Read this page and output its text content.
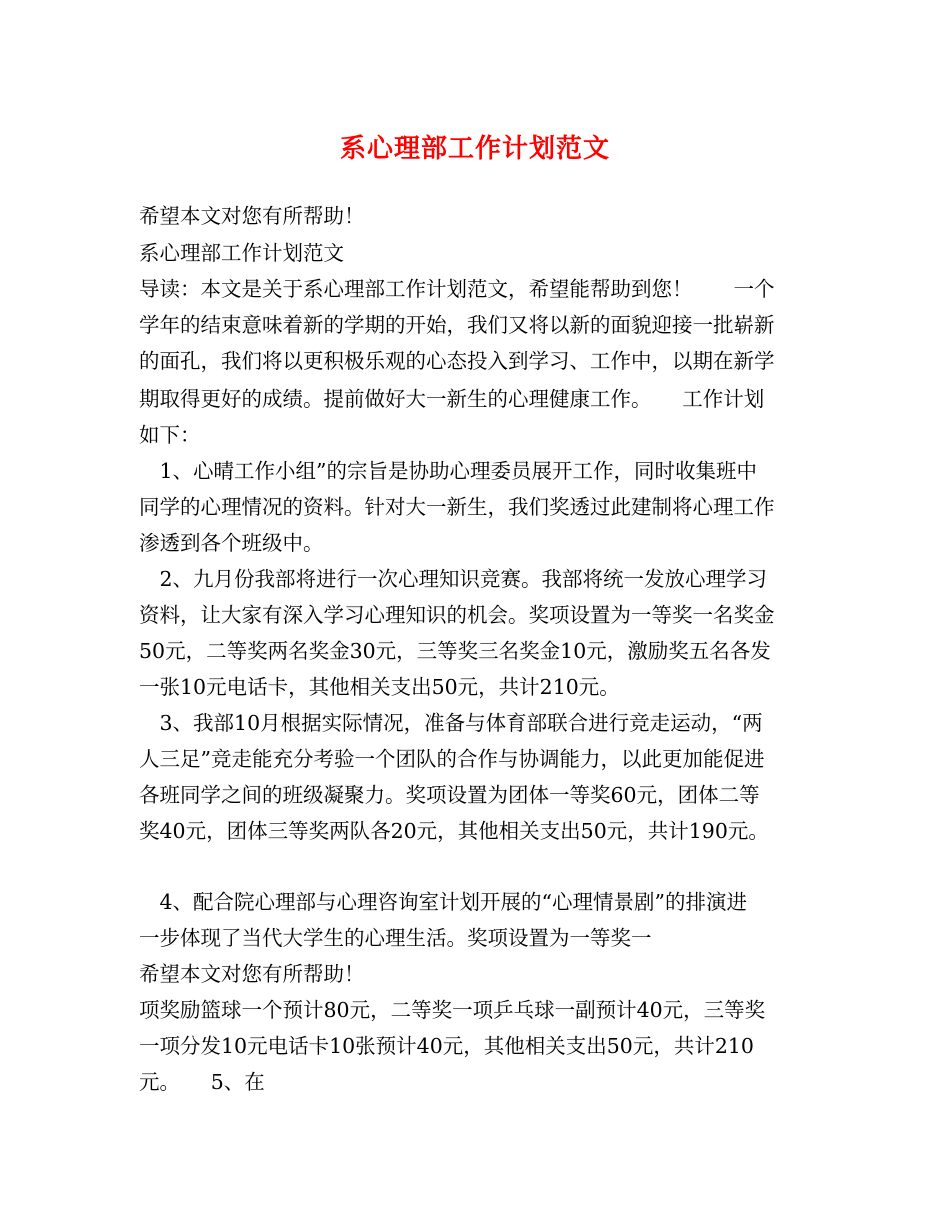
系心理部工作计划范文
希望本文对您有所帮助！
系心理部工作计划范文
导读：本文是关于系心理部工作计划范文，希望能帮助到您！　　一个
学年的结束意味着新的学期的开始，我们又将以新的面貌迎接一批崭新
的面孔，我们将以更积极乐观的心态投入到学习、工作中，以期在新学
期取得更好的成绩。提前做好大一新生的心理健康工作。　　工作计划
如下：
　1、心晴工作小组”的宗旨是协助心理委员展开工作，同时收集班中
同学的心理情况的资料。针对大一新生，我们奖透过此建制将心理工作
渗透到各个班级中。
　2、九月份我部将进行一次心理知识竞赛。我部将统一发放心理学习
资料，让大家有深入学习心理知识的机会。奖项设置为一等奖一名奖金
50元，二等奖两名奖金30元，三等奖三名奖金10元，激励奖五名各发
一张10元电话卡，其他相关支出50元，共计210元。
　3、我部10月根据实际情况，准备与体育部联合进行竞走运动，“两
人三足”竞走能充分考验一个团队的合作与协调能力，以此更加能促进
各班同学之间的班级凝聚力。奖项设置为团体一等奖60元，团体二等
奖40元，团体三等奖两队各20元，其他相关支出50元，共计190元。
　4、配合院心理部与心理咨询室计划开展的“心理情景剧”的排演进
一步体现了当代大学生的心理生活。奖项设置为一等奖一
希望本文对您有所帮助！
项奖励篮球一个预计80元，二等奖一项乒乓球一副预计40元，三等奖
一项分发10元电话卡10张预计40元，其他相关支出50元，共计210
元。　　5、在
